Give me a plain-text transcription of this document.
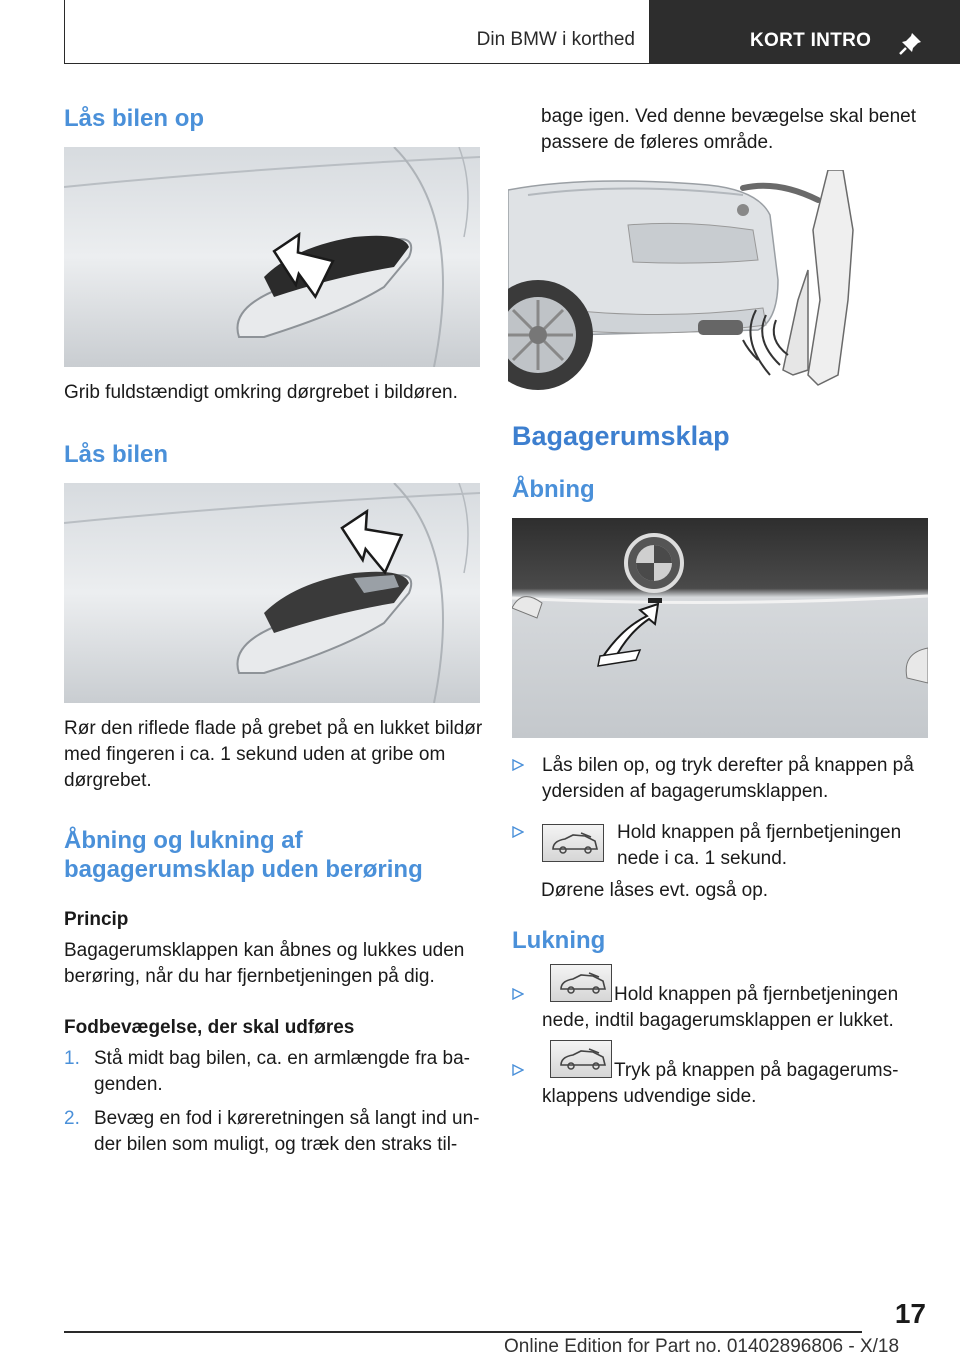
Din BMW i korthed	KORT INTRO
Lås bilen op
Grib fuldstændigt omkring dørgrebet i bildøren.
Lås bilen
Rør den riflede flade på grebet på en lukket bildør
med fingeren i ca. 1 sekund uden at gribe om
dørgrebet.
Åbning og lukning af
bagagerumsklap uden berøring
Princip
Bagagerumsklappen kan åbnes og lukkes uden
berøring, når du har fjernbetjeningen på dig.
Fodbevægelse, der skal udføres
1. Stå midt bag bilen, ca. en armlængde fra ba-
genden.
2. Bevæg en fod i køreretningen så langt ind un-
der bilen som muligt, og træk den straks til-
bage igen. Ved denne bevægelse skal benet
passere de føleres område.
Bagagerumsklap
Åbning
Lås bilen op, og tryk derefter på knappen på
ydersiden af bagagerumsklappen.
Hold knappen på fjernbetjeningen
nede i ca. 1 sekund.
Dørene låses evt. også op.
Lukning
Hold knappen på fjernbetjeningen
nede, indtil bagagerumsklappen er lukket.
Tryk på knappen på bagagerums-
klappens udvendige side.
17
Online Edition for Part no. 01402896806 - X/18
